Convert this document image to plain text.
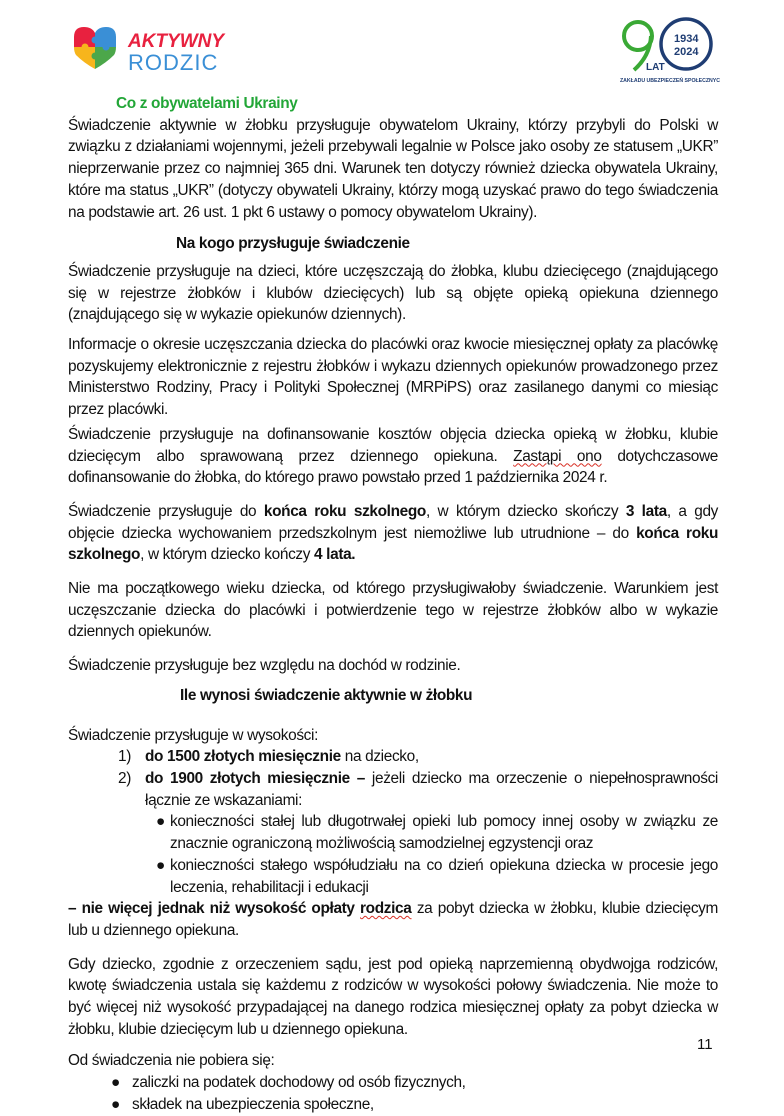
AKTYWNY
RODZIC
1934
2024
LAT
ZAKŁADU UBEZPIECZEŃ SPOŁECZNYCH

Co z obywatelami Ukrainy

Świadczenie aktywnie w żłobku przysługuje obywatelom Ukrainy, którzy przybyli do Polski w związku z działaniami wojennymi, jeżeli przebywali legalnie w Polsce jako osoby ze statusem „UKR” nieprzerwanie przez co najmniej 365 dni. Warunek ten dotyczy również dziecka obywatela Ukrainy, które ma status „UKR” (dotyczy obywateli Ukrainy, którzy mogą uzyskać prawo do tego świadczenia na podstawie art. 26 ust. 1 pkt 6 ustawy o pomocy obywatelom Ukrainy).

Na kogo przysługuje świadczenie

Świadczenie przysługuje na dzieci, które uczęszczają do żłobka, klubu dziecięcego (znajdującego się w rejestrze żłobków i klubów dziecięcych) lub są objęte opieką opiekuna dziennego (znajdującego się w wykazie opiekunów dziennych).

Informacje o okresie uczęszczania dziecka do placówki oraz kwocie miesięcznej opłaty za placówkę pozyskujemy elektronicznie z rejestru żłobków i wykazu dziennych opiekunów prowadzonego przez Ministerstwo Rodziny, Pracy i Polityki Społecznej (MRPiPS) oraz zasilanego danymi co miesiąc przez placówki.

Świadczenie przysługuje na dofinansowanie kosztów objęcia dziecka opieką w żłobku, klubie dziecięcym albo sprawowaną przez dziennego opiekuna. Zastąpi ono dotychczasowe dofinansowanie do żłobka, do którego prawo powstało przed 1 października 2024 r.

Świadczenie przysługuje do końca roku szkolnego, w którym dziecko skończy 3 lata, a gdy objęcie dziecka wychowaniem przedszkolnym jest niemożliwe lub utrudnione – do końca roku szkolnego, w którym dziecko kończy 4 lata.

Nie ma początkowego wieku dziecka, od którego przysługiwałoby świadczenie. Warunkiem jest uczęszczanie dziecka do placówki i potwierdzenie tego w rejestrze żłobków albo w wykazie dziennych opiekunów.

Świadczenie przysługuje bez względu na dochód w rodzinie.

Ile wynosi świadczenie aktywnie w żłobku

Świadczenie przysługuje w wysokości:

1) do 1500 złotych miesięcznie na dziecko,
2) do 1900 złotych miesięcznie – jeżeli dziecko ma orzeczenie o niepełnosprawności łącznie ze wskazaniami:
● konieczności stałej lub długotrwałej opieki lub pomocy innej osoby w związku ze znacznie ograniczoną możliwością samodzielnej egzystencji oraz
● konieczności stałego współudziału na co dzień opiekuna dziecka w procesie jego leczenia, rehabilitacji i edukacji

– nie więcej jednak niż wysokość opłaty rodzica za pobyt dziecka w żłobku, klubie dziecięcym lub u dziennego opiekuna.

Gdy dziecko, zgodnie z orzeczeniem sądu, jest pod opieką naprzemienną obydwojga rodziców, kwotę świadczenia ustala się każdemu z rodziców w wysokości połowy świadczenia. Nie może to być więcej niż wysokość przypadającej na danego rodzica miesięcznej opłaty za pobyt dziecka w żłobku, klubie dziecięcym lub u dziennego opiekuna.

Od świadczenia nie pobiera się:

● zaliczki na podatek dochodowy od osób fizycznych,
● składek na ubezpieczenia społeczne,
11
